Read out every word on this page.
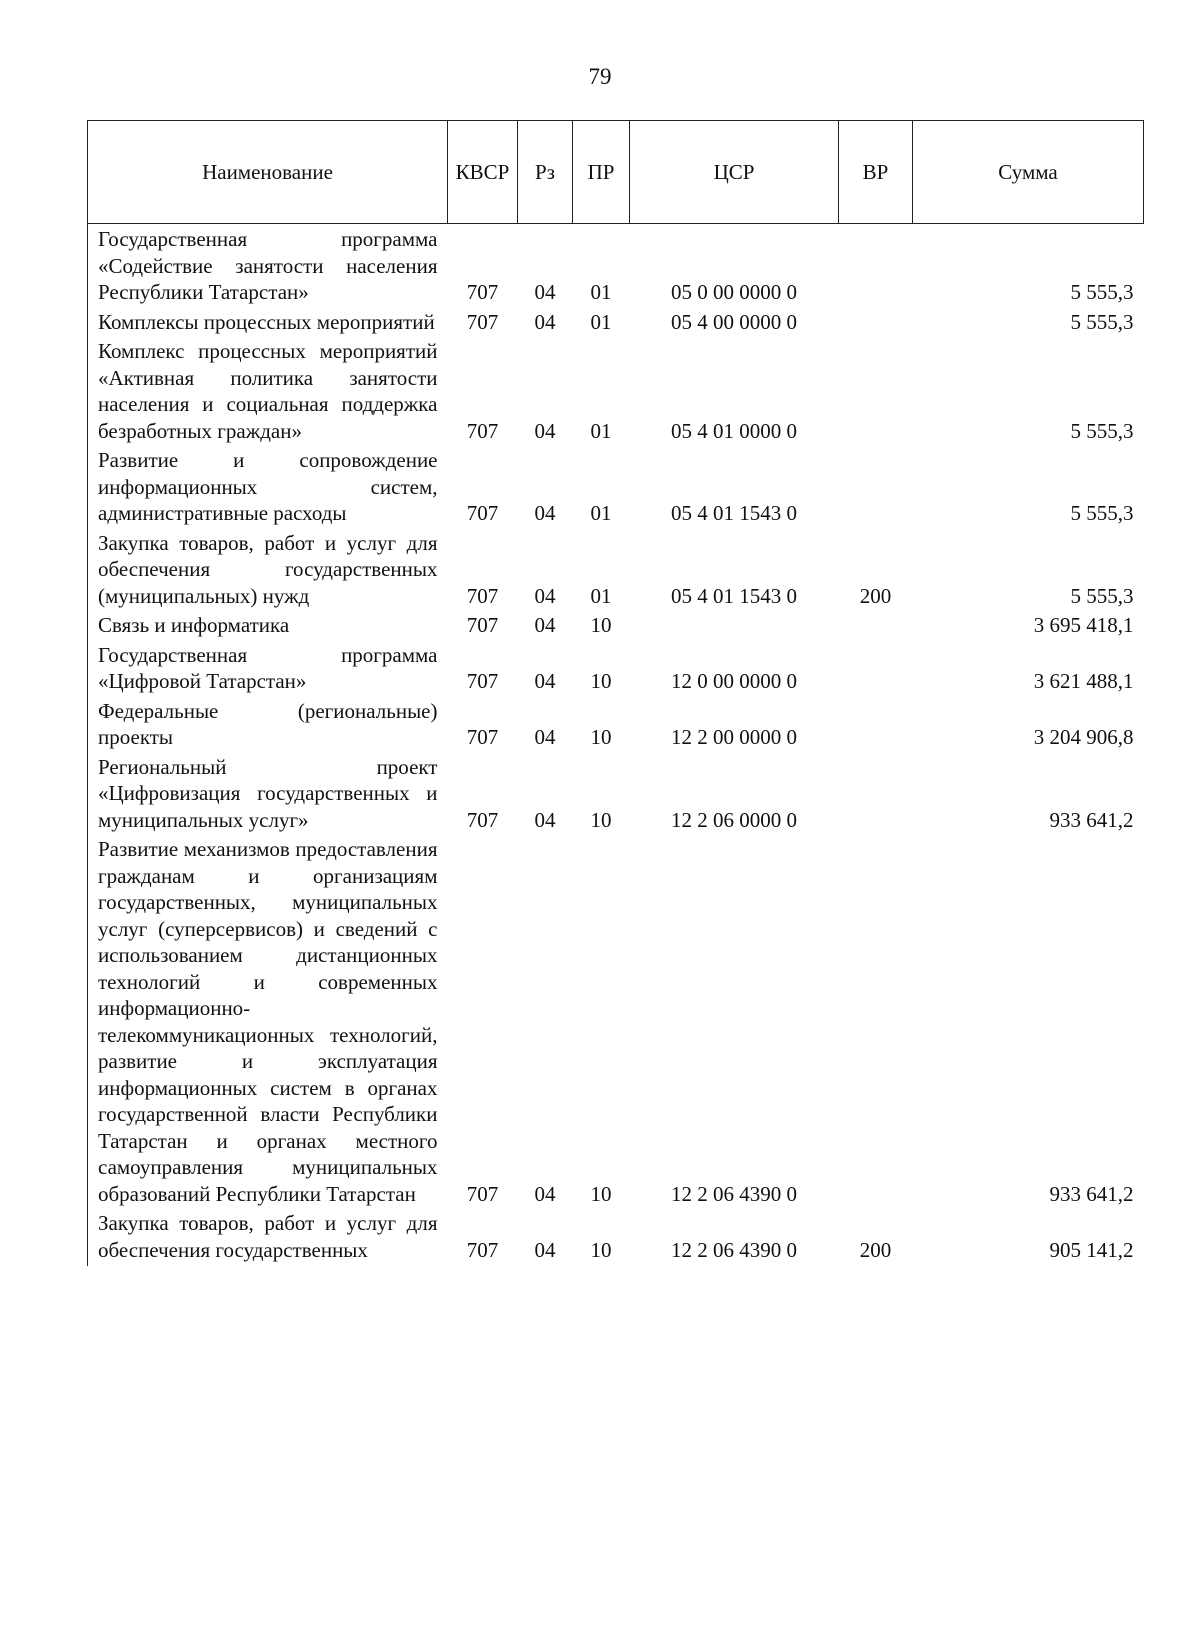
79
Наименование	КВСР	Рз	ПР	ЦСР	ВР	Сумма
Государственная программа «Содействие занятости населения Республики Татарстан»	707	04	01	05 0 00 0000 0		5 555,3
Комплексы процессных мероприятий	707	04	01	05 4 00 0000 0		5 555,3
Комплекс процессных мероприятий «Активная политика занятости населения и социальная поддержка безработных граждан»	707	04	01	05 4 01 0000 0		5 555,3
Развитие и сопровождение информационных систем, административные расходы	707	04	01	05 4 01 1543 0		5 555,3
Закупка товаров, работ и услуг для обеспечения государственных (муниципальных) нужд	707	04	01	05 4 01 1543 0	200	5 555,3
Связь и информатика	707	04	10			3 695 418,1
Государственная программа «Цифровой Татарстан»	707	04	10	12 0 00 0000 0		3 621 488,1
Федеральные (региональные) проекты	707	04	10	12 2 00 0000 0		3 204 906,8
Региональный проект «Цифровизация государственных и муниципальных услуг»	707	04	10	12 2 06 0000 0		933 641,2
Развитие механизмов предоставления гражданам и организациям государственных, муниципальных услуг (суперсервисов) и сведений с использованием дистанционных технологий и современных информационно-телекоммуникационных технологий, развитие и эксплуатация информационных систем в органах государственной власти Республики Татарстан и органах местного самоуправления муниципальных образований Республики Татарстан	707	04	10	12 2 06 4390 0		933 641,2
Закупка товаров, работ и услуг для обеспечения государственных	707	04	10	12 2 06 4390 0	200	905 141,2
